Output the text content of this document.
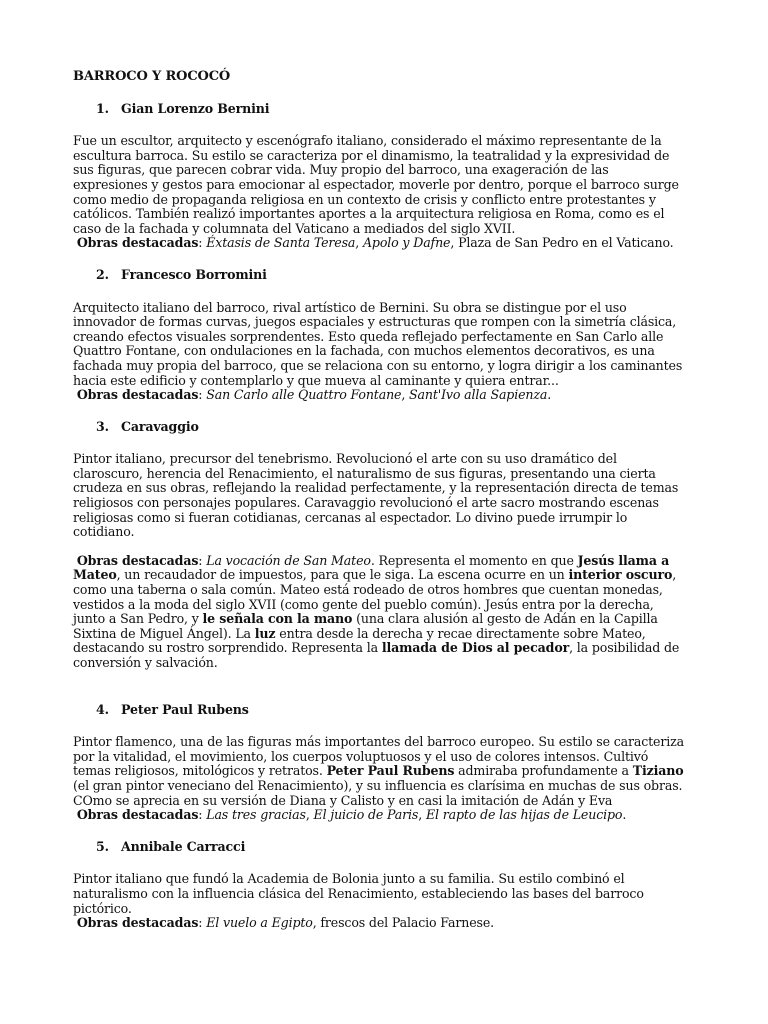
BARROCO Y ROCOCÓ
1. Gian Lorenzo Bernini

Fue un escultor, arquitecto y escenógrafo italiano, considerado el máximo representante de la escultura barroca. Su estilo se caracteriza por el dinamismo, la teatralidad y la expresividad de sus figuras, que parecen cobrar vida. Muy propio del barroco, una exageración de las expresiones y gestos para emocionar al espectador, moverle por dentro, porque el barroco surge como medio de propaganda religiosa en un contexto de crisis y conflicto entre protestantes y católicos. También realizó importantes aportes a la arquitectura religiosa en Roma, como es el caso de la fachada y columnata del Vaticano a mediados del siglo XVII.

Obras destacadas: Éxtasis de Santa Teresa, Apolo y Dafne, Plaza de San Pedro en el Vaticano.

2. Francesco Borromini

Arquitecto italiano del barroco, rival artístico de Bernini. Su obra se distingue por el uso innovador de formas curvas, juegos espaciales y estructuras que rompen con la simetría clásica, creando efectos visuales sorprendentes. Esto queda reflejado perfectamente en San Carlo alle Quattro Fontane, con ondulaciones en la fachada, con muchos elementos decorativos, es una fachada muy propia del barroco, que se relaciona con su entorno, y logra dirigir a los caminantes hacia este edificio y contemplarlo y que mueva al caminante y quiera entrar...

Obras destacadas: San Carlo alle Quattro Fontane, Sant'Ivo alla Sapienza.

3. Caravaggio

Pintor italiano, precursor del tenebrismo. Revolucionó el arte con su uso dramático del claroscuro, herencia del Renacimiento, el naturalismo de sus figuras, presentando una cierta crudeza en sus obras, reflejando la realidad perfectamente, y la representación directa de temas religiosos con personajes populares. Caravaggio revolucionó el arte sacro mostrando escenas religiosas como si fueran cotidianas, cercanas al espectador. Lo divino puede irrumpir lo cotidiano.

Obras destacadas: La vocación de San Mateo. Representa el momento en que Jesús llama a Mateo, un recaudador de impuestos, para que le siga. La escena ocurre en un interior oscuro, como una taberna o sala común. Mateo está rodeado de otros hombres que cuentan monedas, vestidos a la moda del siglo XVII (como gente del pueblo común). Jesús entra por la derecha, junto a San Pedro, y le señala con la mano (una clara alusión al gesto de Adán en la Capilla Sixtina de Miguel Ángel). La luz entra desde la derecha y recae directamente sobre Mateo, destacando su rostro sorprendido. Representa la llamada de Dios al pecador, la posibilidad de conversión y salvación.

4. Peter Paul Rubens

Pintor flamenco, una de las figuras más importantes del barroco europeo. Su estilo se caracteriza por la vitalidad, el movimiento, los cuerpos voluptuosos y el uso de colores intensos. Cultivó temas religiosos, mitológicos y retratos. Peter Paul Rubens admiraba profundamente a Tiziano (el gran pintor veneciano del Renacimiento), y su influencia es clarísima en muchas de sus obras. COmo se aprecia en su versión de Diana y Calisto y en casi la imitación de Adán y Eva

Obras destacadas: Las tres gracias, El juicio de Paris, El rapto de las hijas de Leucipo.

5. Annibale Carracci

Pintor italiano que fundó la Academia de Bolonia junto a su familia. Su estilo combinó el naturalismo con la influencia clásica del Renacimiento, estableciendo las bases del barroco pictórico.

Obras destacadas: El vuelo a Egipto, frescos del Palacio Farnese.
